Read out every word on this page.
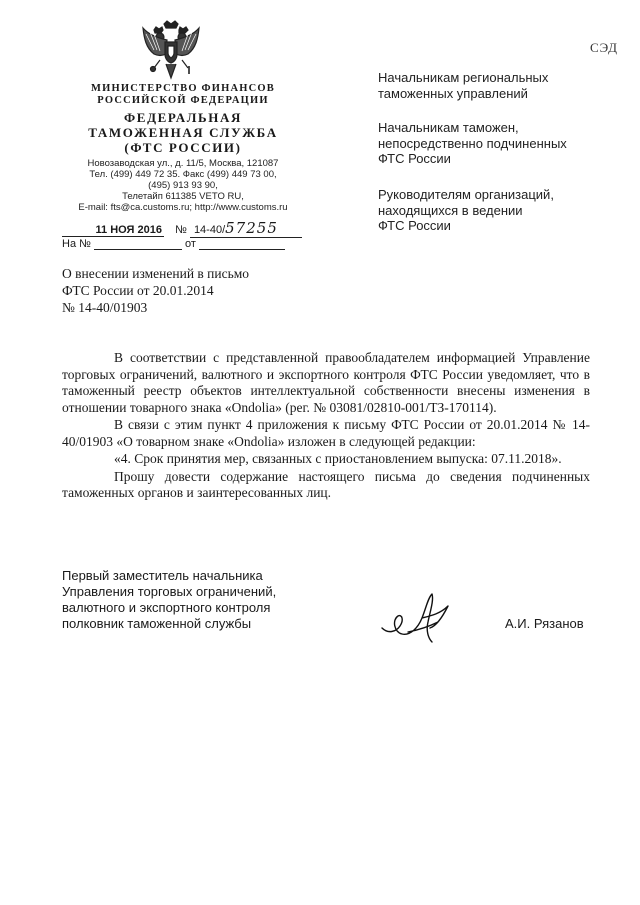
СЭД
МИНИСТЕРСТВО ФИНАНСОВ
РОССИЙСКОЙ ФЕДЕРАЦИИ
ФЕДЕРАЛЬНАЯ
ТАМОЖЕННАЯ СЛУЖБА
(ФТС РОССИИ)
Новозаводская ул., д. 11/5, Москва, 121087
Тел. (499) 449 72 35. Факс (499) 449 73 00,
(495) 913 93 90,
Телетайп 611385 VETO RU,
E-mail: fts@ca.customs.ru; http://www.customs.ru
11 НОЯ 2016 № 14-40/57255
На №	от
О внесении изменений в письмо
ФТС России от 20.01.2014
№ 14-40/01903
Начальникам региональных
таможенных управлений
Начальникам таможен,
непосредственно подчиненных
ФТС России
Руководителям организаций,
находящихся в ведении
ФТС России

В соответствии с представленной правообладателем информацией Управление торговых ограничений, валютного и экспортного контроля ФТС России уведомляет, что в таможенный реестр объектов интеллектуальной собственности внесены изменения в отношении товарного знака «Ondolia» (рег. № 03081/02810-001/ТЗ-170114).

В связи с этим пункт 4 приложения к письму ФТС России от 20.01.2014 № 14-40/01903 «О товарном знаке «Ondolia» изложен в следующей редакции:

«4. Срок принятия мер, связанных с приостановлением выпуска: 07.11.2018».

Прошу довести содержание настоящего письма до сведения подчиненных таможенных органов и заинтересованных лиц.

Первый заместитель начальника
Управления торговых ограничений,
валютного и экспортного контроля
полковник таможенной службы	А.И. Рязанов
